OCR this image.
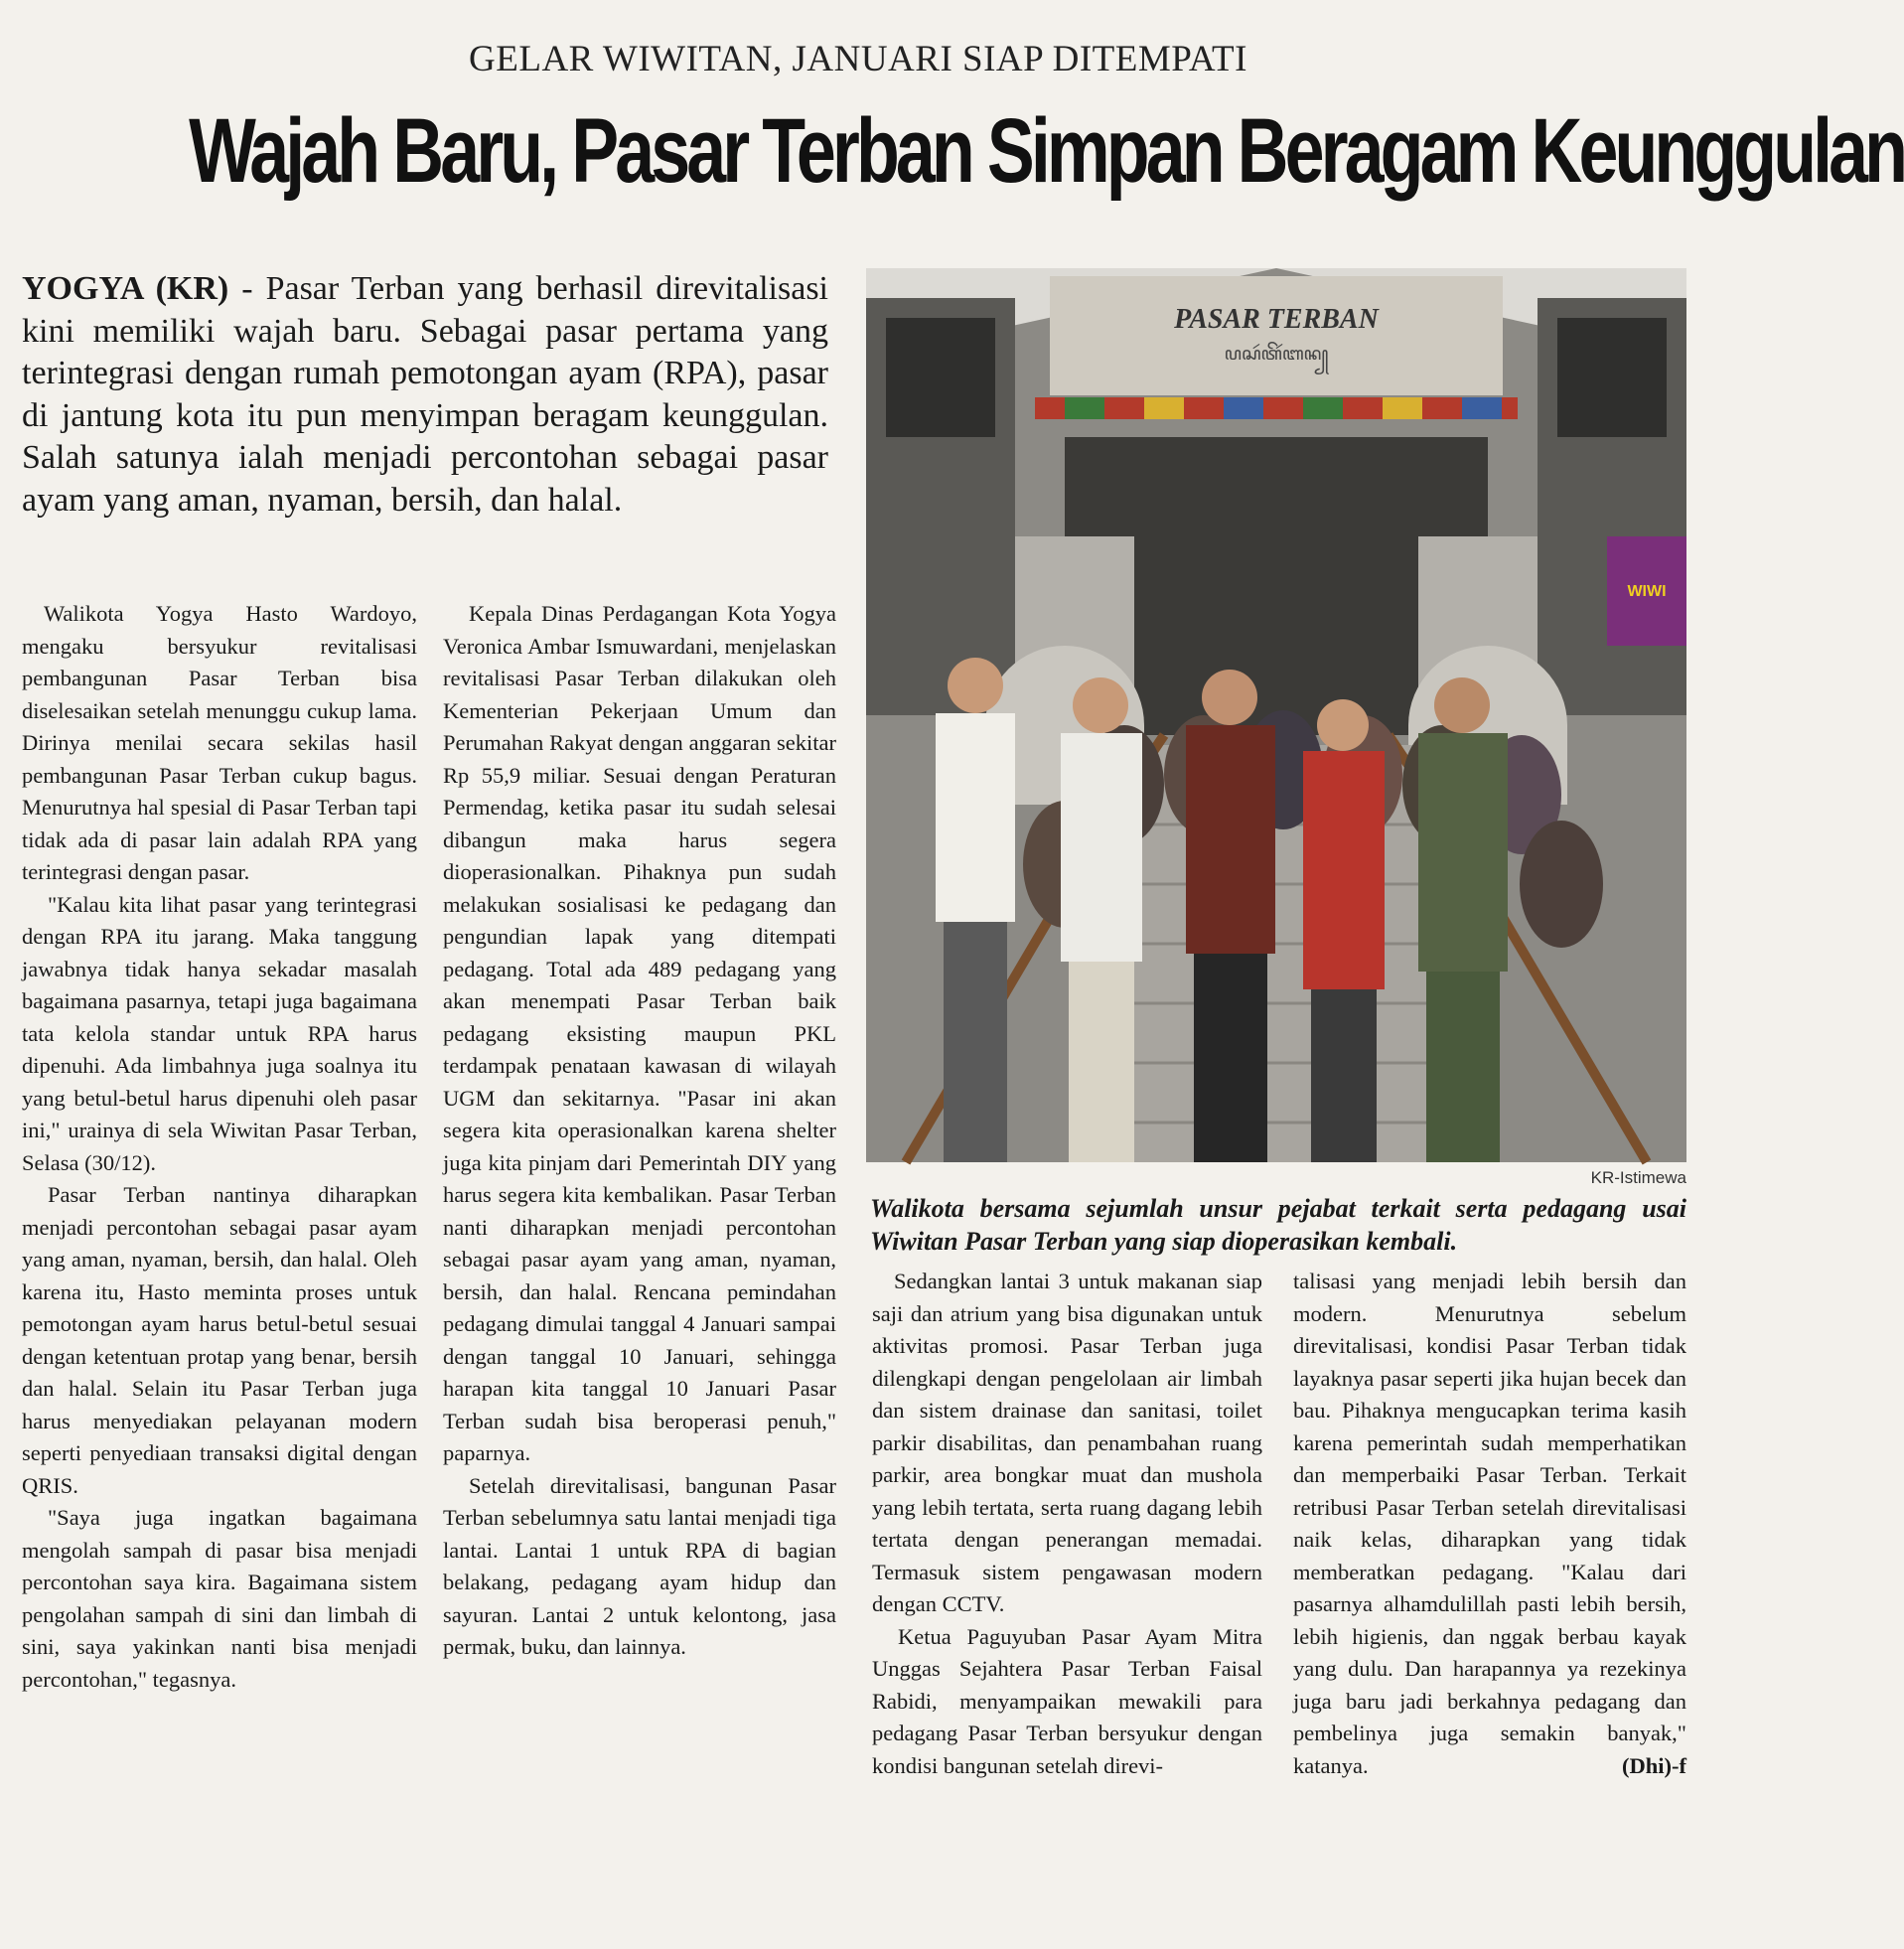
GELAR WIWITAN, JANUARI SIAP DITEMPATI
Wajah Baru, Pasar Terban Simpan Beragam Keunggulan
YOGYA (KR) - Pasar Terban yang berhasil direvitalisasi kini memiliki wajah baru. Sebagai pasar pertama yang terintegrasi dengan rumah pemotongan ayam (RPA), pasar di jantung kota itu pun menyimpan beragam keunggulan. Salah satunya ialah menjadi percontohan sebagai pasar ayam yang aman, nyaman, bersih, dan halal.
PASAR TERBAN
ꦥꦱꦂꦠꦼꦂꦧꦤ꧀
WIWI
KR-Istimewa
Walikota bersama sejumlah unsur pejabat terkait serta pedagang usai Wiwitan Pasar Terban yang siap dioperasikan kembali.

Walikota Yogya Hasto Wardoyo, mengaku bersyukur revitalisasi pembangunan Pasar Terban bisa diselesaikan setelah menunggu cukup lama. Dirinya menilai secara sekilas hasil pembangunan Pasar Terban cukup bagus. Menurutnya hal spesial di Pasar Terban tapi tidak ada di pasar lain adalah RPA yang terintegrasi dengan pasar.

"Kalau kita lihat pasar yang terintegrasi dengan RPA itu jarang. Maka tanggung jawabnya tidak hanya sekadar masalah bagaimana pasarnya, tetapi juga bagaimana tata kelola standar untuk RPA harus dipenuhi. Ada limbahnya juga soalnya itu yang betul-betul harus dipenuhi oleh pasar ini," urainya di sela Wiwitan Pasar Terban, Selasa (30/12).

Pasar Terban nantinya diharapkan menjadi percontohan sebagai pasar ayam yang aman, nyaman, bersih, dan halal. Oleh karena itu, Hasto meminta proses untuk pemotongan ayam harus betul-betul sesuai dengan ketentuan protap yang benar, bersih dan halal. Selain itu Pasar Terban juga harus menyediakan pelayanan modern seperti penyediaan transaksi digital dengan QRIS.

"Saya juga ingatkan bagaimana mengolah sampah di pasar bisa menjadi percontohan saya kira. Bagaimana sistem pengolahan sampah di sini dan limbah di sini, saya yakinkan nanti bisa menjadi percontohan," tegasnya.

Kepala Dinas Perdagangan Kota Yogya Veronica Ambar Ismuwardani, menjelaskan revitalisasi Pasar Terban dilakukan oleh Kementerian Pekerjaan Umum dan Perumahan Rakyat dengan anggaran sekitar Rp 55,9 miliar. Sesuai dengan Peraturan Permendag, ketika pasar itu sudah selesai dibangun maka harus segera dioperasionalkan. Pihaknya pun sudah melakukan sosialisasi ke pedagang dan pengundian lapak yang ditempati pedagang. Total ada 489 pedagang yang akan menempati Pasar Terban baik pedagang eksisting maupun PKL terdampak penataan kawasan di wilayah UGM dan sekitarnya. "Pasar ini akan segera kita operasionalkan karena shelter juga kita pinjam dari Pemerintah DIY yang harus segera kita kembalikan. Pasar Terban nanti diharapkan menjadi percontohan sebagai pasar ayam yang aman, nyaman, bersih, dan halal. Rencana pemindahan pedagang dimulai tanggal 4 Januari sampai dengan tanggal 10 Januari, sehingga harapan kita tanggal 10 Januari Pasar Terban sudah bisa beroperasi penuh," paparnya.

Setelah direvitalisasi, bangunan Pasar Terban sebelumnya satu lantai menjadi tiga lantai. Lantai 1 untuk RPA di bagian belakang, pedagang ayam hidup dan sayuran. Lantai 2 untuk kelontong, jasa permak, buku, dan lainnya.

Sedangkan lantai 3 untuk makanan siap saji dan atrium yang bisa digunakan untuk aktivitas promosi. Pasar Terban juga dilengkapi dengan pengelolaan air limbah dan sistem drainase dan sanitasi, toilet parkir disabilitas, dan penambahan ruang parkir, area bongkar muat dan mushola yang lebih tertata, serta ruang dagang lebih tertata dengan penerangan memadai. Termasuk sistem pengawasan modern dengan CCTV.

Ketua Paguyuban Pasar Ayam Mitra Unggas Sejahtera Pasar Terban Faisal Rabidi, menyampaikan mewakili para pedagang Pasar Terban bersyukur dengan kondisi bangunan setelah direvi-

talisasi yang menjadi lebih bersih dan modern. Menurutnya sebelum direvitalisasi, kondisi Pasar Terban tidak layaknya pasar seperti jika hujan becek dan bau. Pihaknya mengucapkan terima kasih karena pemerintah sudah memperhatikan dan memperbaiki Pasar Terban. Terkait retribusi Pasar Terban setelah direvitalisasi naik kelas, diharapkan yang tidak memberatkan pedagang. "Kalau dari pasarnya alhamdulillah pasti lebih bersih, lebih higienis, dan nggak berbau kayak yang dulu. Dan harapannya ya rezekinya juga baru jadi berkahnya pedagang dan pembelinya juga semakin banyak," katanya.	(Dhi)-f
